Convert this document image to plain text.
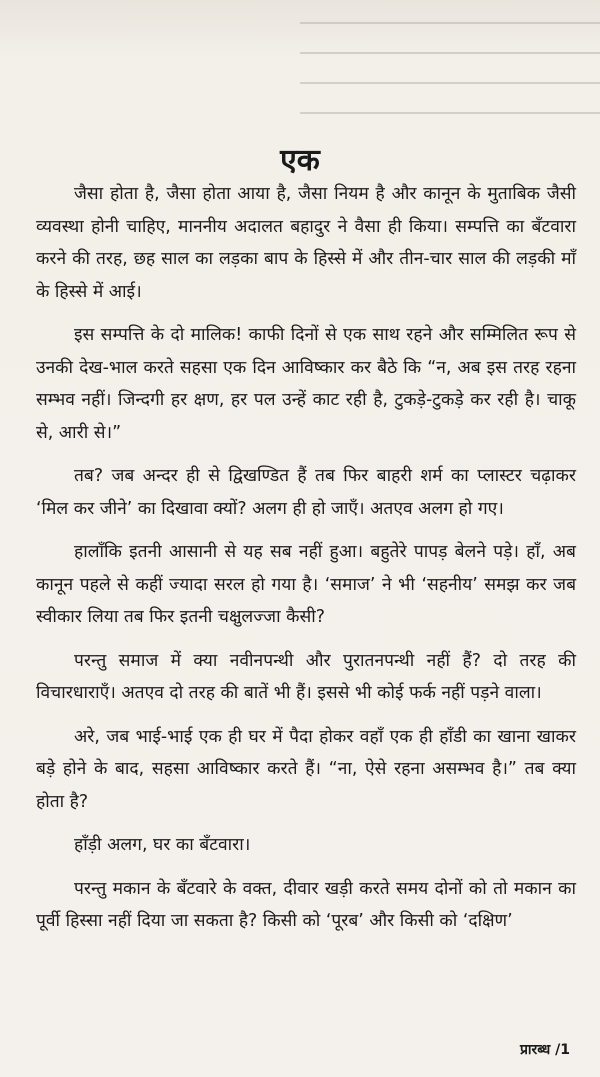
एक

जैसा होता है, जैसा होता आया है, जैसा नियम है और कानून के मुताबिक जैसी व्यवस्था होनी चाहिए, माननीय अदालत बहादुर ने वैसा ही किया। सम्पत्ति का बँटवारा करने की तरह, छह साल का लड़का बाप के हिस्से में और तीन-चार साल की लड़की माँ के हिस्से में आई।

इस सम्पत्ति के दो मालिक! काफी दिनों से एक साथ रहने और सम्मिलित रूप से उनकी देख-भाल करते सहसा एक दिन आविष्कार कर बैठे कि “न, अब इस तरह रहना सम्भव नहीं। जिन्दगी हर क्षण, हर पल उन्हें काट रही है, टुकड़े-टुकड़े कर रही है। चाकू से, आरी से।”

तब? जब अन्दर ही से द्विखण्डित हैं तब फिर बाहरी शर्म का प्लास्टर चढ़ाकर ‘मिल कर जीने’ का दिखावा क्यों? अलग ही हो जाएँ। अतएव अलग हो गए।

हालाँकि इतनी आसानी से यह सब नहीं हुआ। बहुतेरे पापड़ बेलने पड़े। हाँ, अब कानून पहले से कहीं ज्यादा सरल हो गया है। ‘समाज’ ने भी ‘सहनीय’ समझ कर जब स्वीकार लिया तब फिर इतनी चक्षुलज्जा कैसी?

परन्तु समाज में क्या नवीनपन्थी और पुरातनपन्थी नहीं हैं? दो तरह की विचारधाराएँ। अतएव दो तरह की बातें भी हैं। इससे भी कोई फर्क नहीं पड़ने वाला।

अरे, जब भाई-भाई एक ही घर में पैदा होकर वहाँ एक ही हाँडी का खाना खाकर बड़े होने के बाद, सहसा आविष्कार करते हैं। “ना, ऐसे रहना असम्भव है।” तब क्या होता है?

हाँड़ी अलग, घर का बँटवारा।

परन्तु मकान के बँटवारे के वक्त, दीवार खड़ी करते समय दोनों को तो मकान का पूर्वी हिस्सा नहीं दिया जा सकता है? किसी को ‘पूरब’ और किसी को ‘दक्षिण’

प्रारब्ध /1
